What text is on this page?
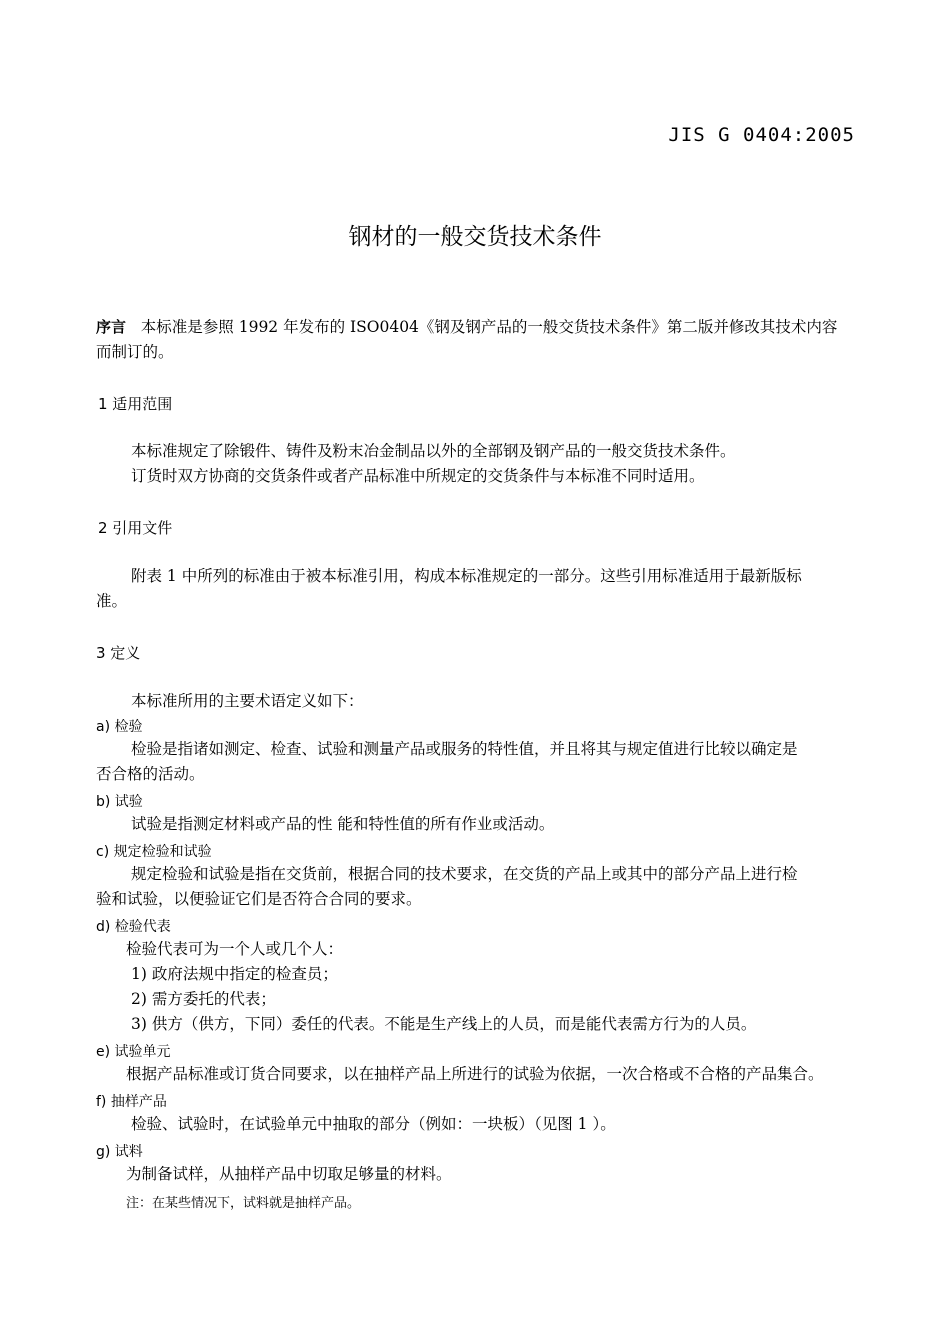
JIS G 0404:2005
钢材的一般交货技术条件
序言 本标准是参照 1992 年发布的 ISO0404《钢及钢产品的一般交货技术条件》第二版并修改其技术内容
而制订的。
1 适用范围
本标准规定了除锻件、铸件及粉末冶金制品以外的全部钢及钢产品的一般交货技术条件。
订货时双方协商的交货条件或者产品标准中所规定的交货条件与本标准不同时适用。
2 引用文件
附表 1 中所列的标准由于被本标准引用，构成本标准规定的一部分。这些引用标准适用于最新版标
准。
3 定义
本标准所用的主要术语定义如下：
a) 检验
检验是指诸如测定、检查、试验和测量产品或服务的特性值，并且将其与规定值进行比较以确定是
否合格的活动。
b) 试验
试验是指测定材料或产品的性 能和特性值的所有作业或活动。
c) 规定检验和试验
规定检验和试验是指在交货前，根据合同的技术要求，在交货的产品上或其中的部分产品上进行检
验和试验，以便验证它们是否符合合同的要求。
d) 检验代表
检验代表可为一个人或几个人：
1) 政府法规中指定的检查员；
2) 需方委托的代表；
3) 供方（供方，下同）委任的代表。不能是生产线上的人员，而是能代表需方行为的人员。
e) 试验单元
根据产品标准或订货合同要求，以在抽样产品上所进行的试验为依据，一次合格或不合格的产品集合。
f) 抽样产品
检验、试验时，在试验单元中抽取的部分（例如：一块板）（见图 1 ）。
g) 试料
为制备试样，从抽样产品中切取足够量的材料。
注：在某些情况下，试料就是抽样产品。
